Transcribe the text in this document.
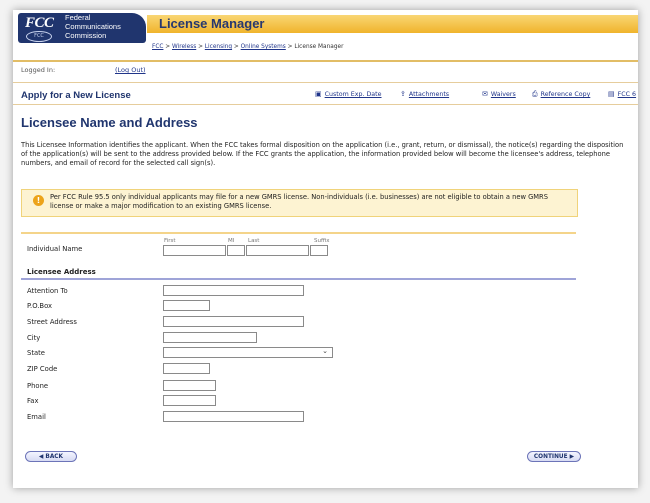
FCC
FCC
Federal
Communications
Commission
License Manager
FCC > Wireless > Licensing > Online Systems > License Manager
Logged In:	(Log Out)
Apply for a New License	▣ Custom Exp. Date	⇪ Attachments	✉ Waivers ⎙ Reference Copy	▤ FCC 6
Licensee Name and Address
This Licensee Information identifies the applicant. When the FCC takes formal disposition on the application (i.e., grant, return, or dismissal), the notice(s) regarding the disposition of the application(s) will be sent to the address provided below. If the FCC grants the application, the information provided below will become the licensee's address, telephone numbers, and email of record for the selected call sign(s).
!	Per FCC Rule 95.5 only individual applicants may file for a new GMRS license. Non-individuals (i.e. businesses) are not eligible to obtain a new GMRS license or make a major modification to an existing GMRS license.
First	MI Last	Suffix
Individual Name
Licensee Address
Attention To
P.O.Box
Street Address
City
State	⌄
ZIP Code
Phone
Fax
Email
◀ BACK	CONTINUE ▶
